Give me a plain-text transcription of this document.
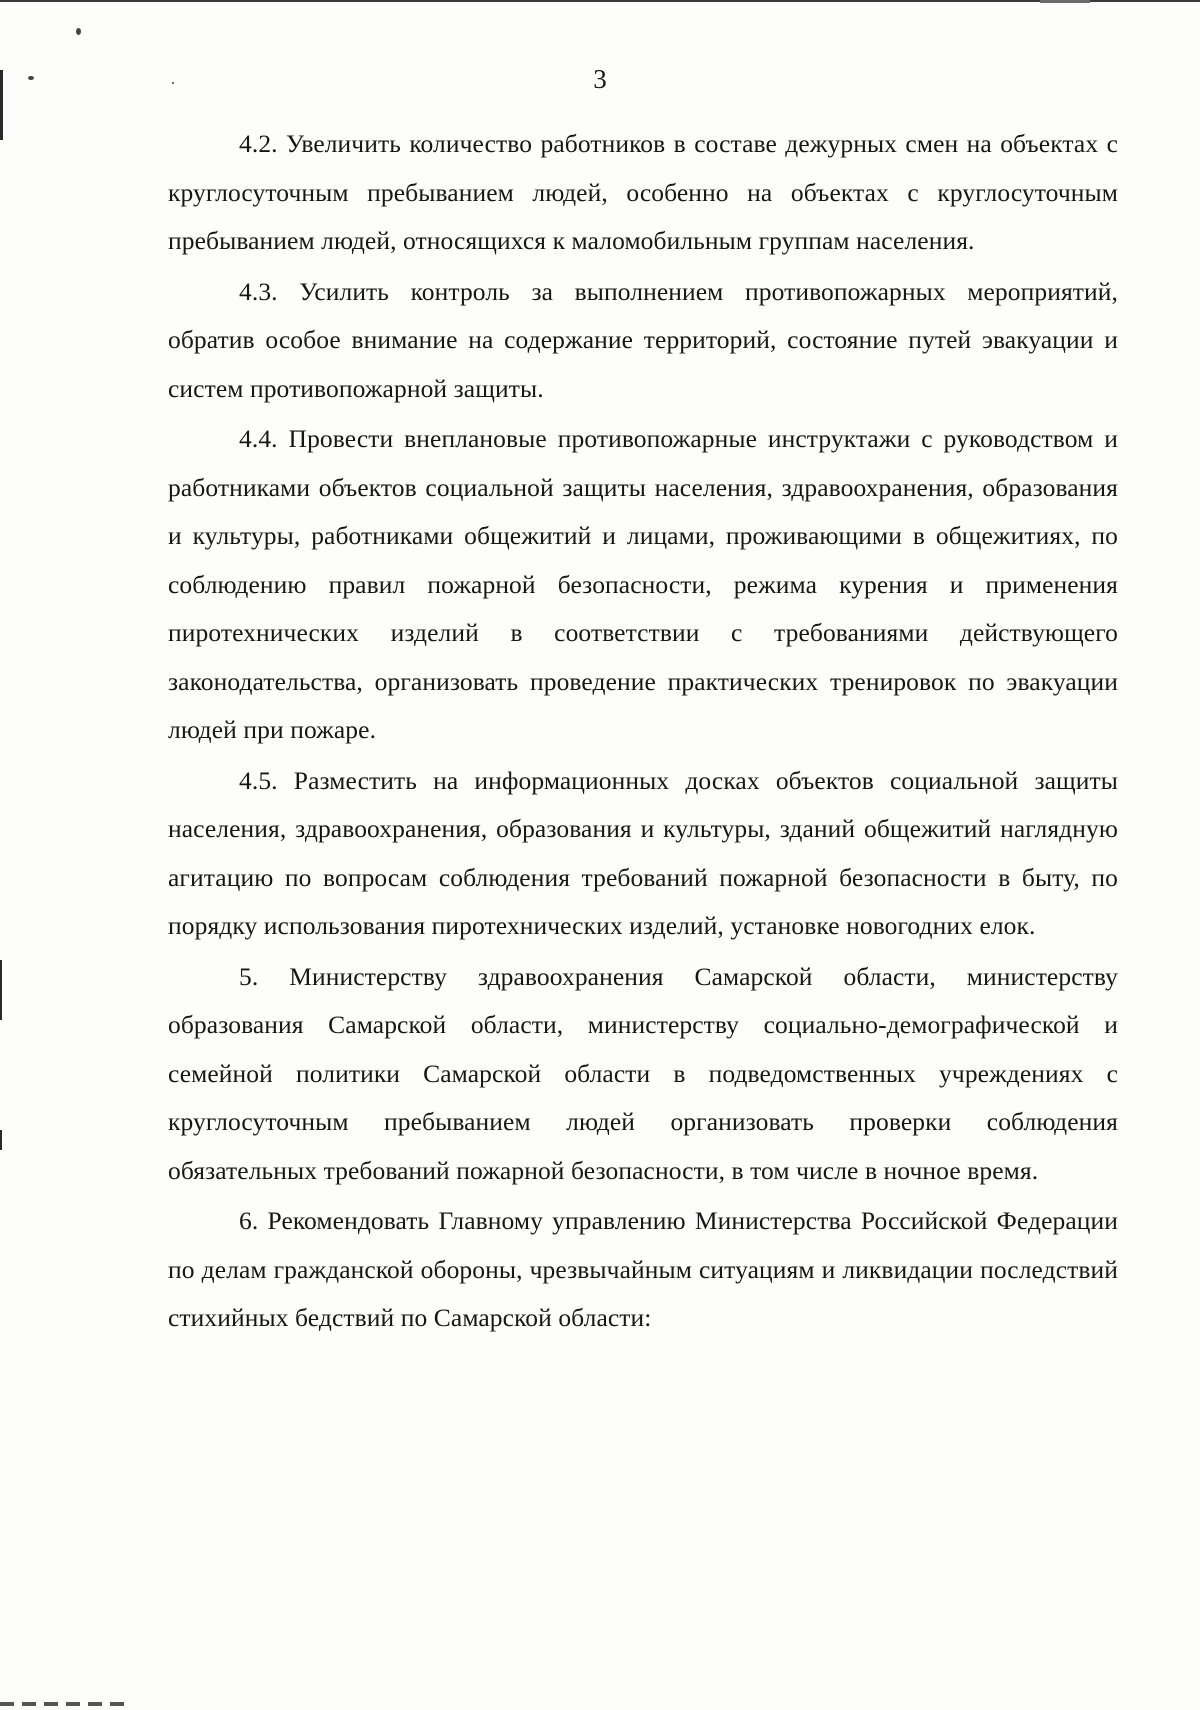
3

4.2. Увеличить количество работников в составе дежурных смен на объектах с круглосуточным пребыванием людей, особенно на объектах с круглосуточным пребыванием людей, относящихся к маломобильным группам населения.

4.3. Усилить контроль за выполнением противопожарных мероприятий, обратив особое внимание на содержание территорий, состояние путей эвакуации и систем противопожарной защиты.

4.4. Провести внеплановые противопожарные инструктажи с руководством и работниками объектов социальной защиты населения, здравоохранения, образования и культуры, работниками общежитий и лицами, проживающими в общежитиях, по соблюдению правил пожарной безопасности, режима курения и применения пиротехнических изделий в соответствии с требованиями действующего законодательства, организовать проведение практических тренировок по эвакуации людей при пожаре.

4.5. Разместить на информационных досках объектов социальной защиты населения, здравоохранения, образования и культуры, зданий общежитий наглядную агитацию по вопросам соблюдения требований пожарной безопасности в быту, по порядку использования пиротехнических изделий, установке новогодних елок.

5. Министерству здравоохранения Самарской области, министерству образования Самарской области, министерству социально-демографической и семейной политики Самарской области в подведомственных учреждениях с круглосуточным пребыванием людей организовать проверки соблюдения обязательных требований пожарной безопасности, в том числе в ночное время.

6. Рекомендовать Главному управлению Министерства Российской Федерации по делам гражданской обороны, чрезвычайным ситуациям и ликвидации последствий стихийных бедствий по Самарской области:
